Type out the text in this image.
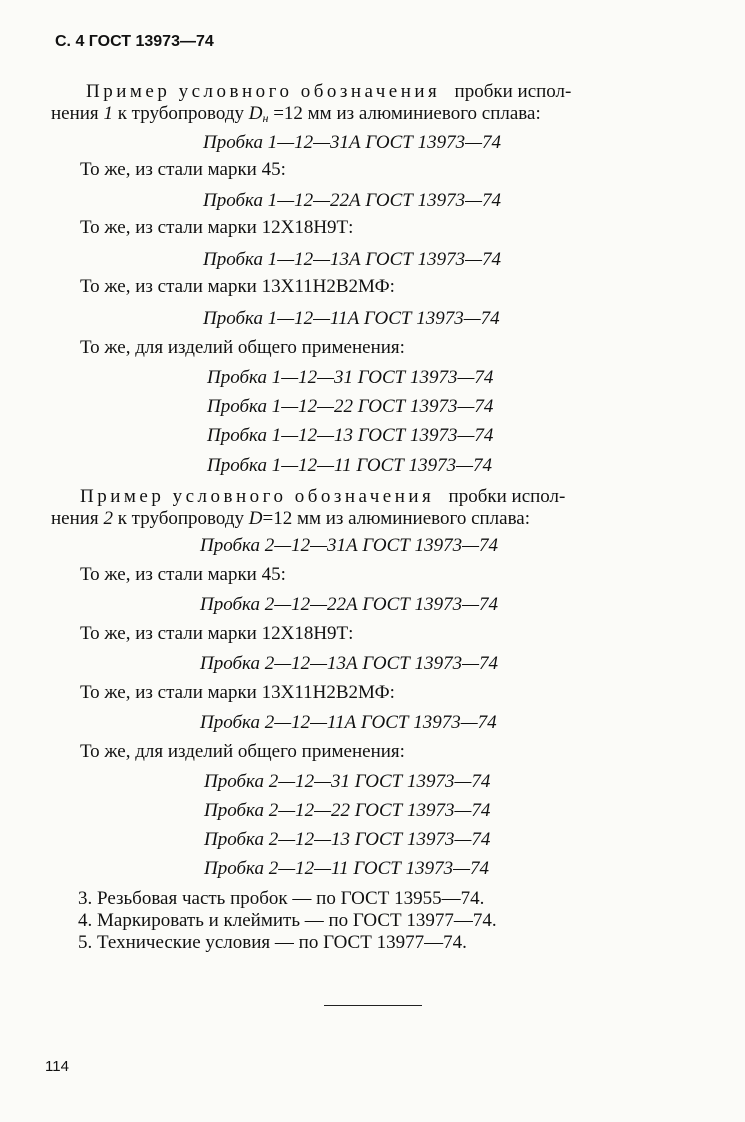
С. 4 ГОСТ 13973—74
Пример условного обозначения пробки испол-
нения 1 к трубопроводу $D_н =12$ мм из алюминиевого сплава:
Пробка 1—12—31А ГОСТ 13973—74
То же, из стали марки 45:
Пробка 1—12—22А ГОСТ 13973—74
То же, из стали марки 12Х18Н9Т:
Пробка 1—12—13А ГОСТ 13973—74
То же, из стали марки 13Х11Н2В2МФ:
Пробка 1—12—11А ГОСТ 13973—74
То же, для изделий общего применения:
Пробка 1—12—31 ГОСТ 13973—74
Пробка 1—12—22 ГОСТ 13973—74
Пробка 1—12—13 ГОСТ 13973—74
Пробка 1—12—11 ГОСТ 13973—74
Пример условного обозначения пробки испол-
нения 2 к трубопроводу D=12 мм из алюминиевого сплава:
Пробка 2—12—31А ГОСТ 13973—74
То же, из стали марки 45:
Пробка 2—12—22А ГОСТ 13973—74
То же, из стали марки 12Х18Н9Т:
Пробка 2—12—13А ГОСТ 13973—74
То же, из стали марки 13Х11Н2В2МФ:
Пробка 2—12—11А ГОСТ 13973—74
То же, для изделий общего применения:
Пробка 2—12—31 ГОСТ 13973—74
Пробка 2—12—22 ГОСТ 13973—74
Пробка 2—12—13 ГОСТ 13973—74
Пробка 2—12—11 ГОСТ 13973—74
3. Резьбовая часть пробок — по ГОСТ 13955—74.
4. Маркировать и клеймить — по ГОСТ 13977—74.
5. Технические условия — по ГОСТ 13977—74.
114
